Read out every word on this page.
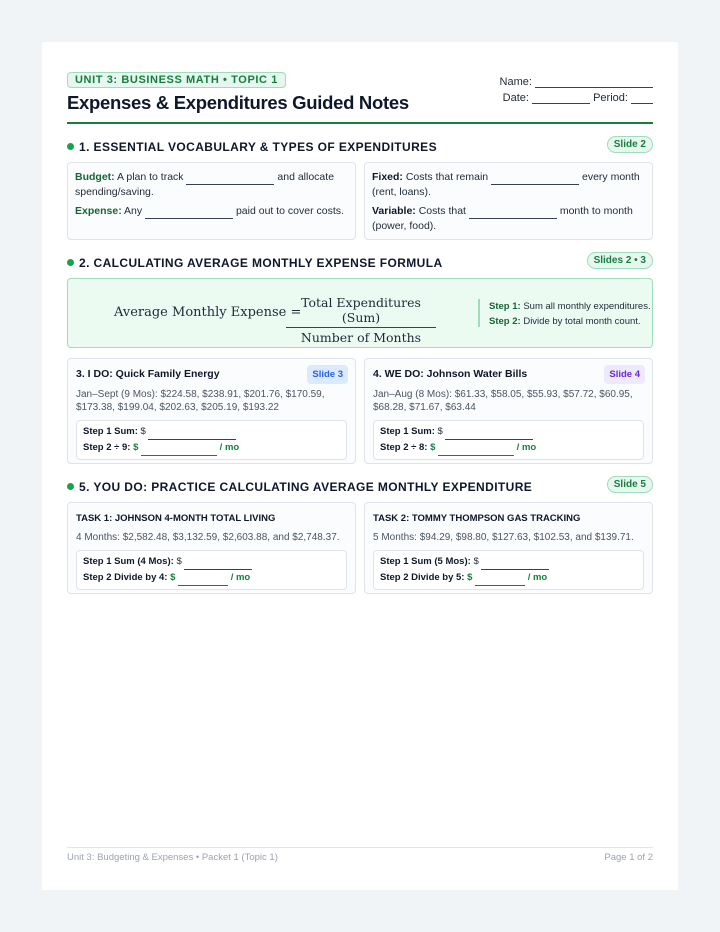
UNIT 3: BUSINESS MATH • TOPIC 1
Expenses & Expenditures Guided Notes
Name:
Date:	Period:
1. ESSENTIAL VOCABULARY & TYPES OF EXPENDITURES	Slide 2
Budget: A plan to track	and allocate spending/saving.
Expense: Any	paid out to cover costs.
Fixed: Costs that remain	every month (rent, loans).
Variable: Costs that	month to month (power, food).
2. CALCULATING AVERAGE MONTHLY EXPENSE FORMULA	Slides 2 • 3
Average Monthly Expense =
Total Expenditures (Sum)
Number of Months
Step 1: Sum all monthly expenditures.
Step 2: Divide by total month count.
3. I DO: Quick Family Energy	Slide 3
Jan–Sept (9 Mos): $224.58, $238.91, $201.76, $170.59, $173.38, $199.04, $202.63, $205.19, $193.22
Step 1 Sum: $
Step 2 ÷ 9: $	/ mo
4. WE DO: Johnson Water Bills	Slide 4
Jan–Aug (8 Mos): $61.33, $58.05, $55.93, $57.72, $60.95, $68.28, $71.67, $63.44
Step 1 Sum: $
Step 2 ÷ 8: $	/ mo
5. YOU DO: PRACTICE CALCULATING AVERAGE MONTHLY EXPENDITURE	Slide 5
TASK 1: JOHNSON 4-MONTH TOTAL LIVING
4 Months: $2,582.48, $3,132.59, $2,603.88, and $2,748.37.
Step 1 Sum (4 Mos): $
Step 2 Divide by 4: $	/ mo
TASK 2: TOMMY THOMPSON GAS TRACKING
5 Months: $94.29, $98.80, $127.63, $102.53, and $139.71.
Step 1 Sum (5 Mos): $
Step 2 Divide by 5: $	/ mo
Unit 3: Budgeting & Expenses • Packet 1 (Topic 1)	Page 1 of 2
